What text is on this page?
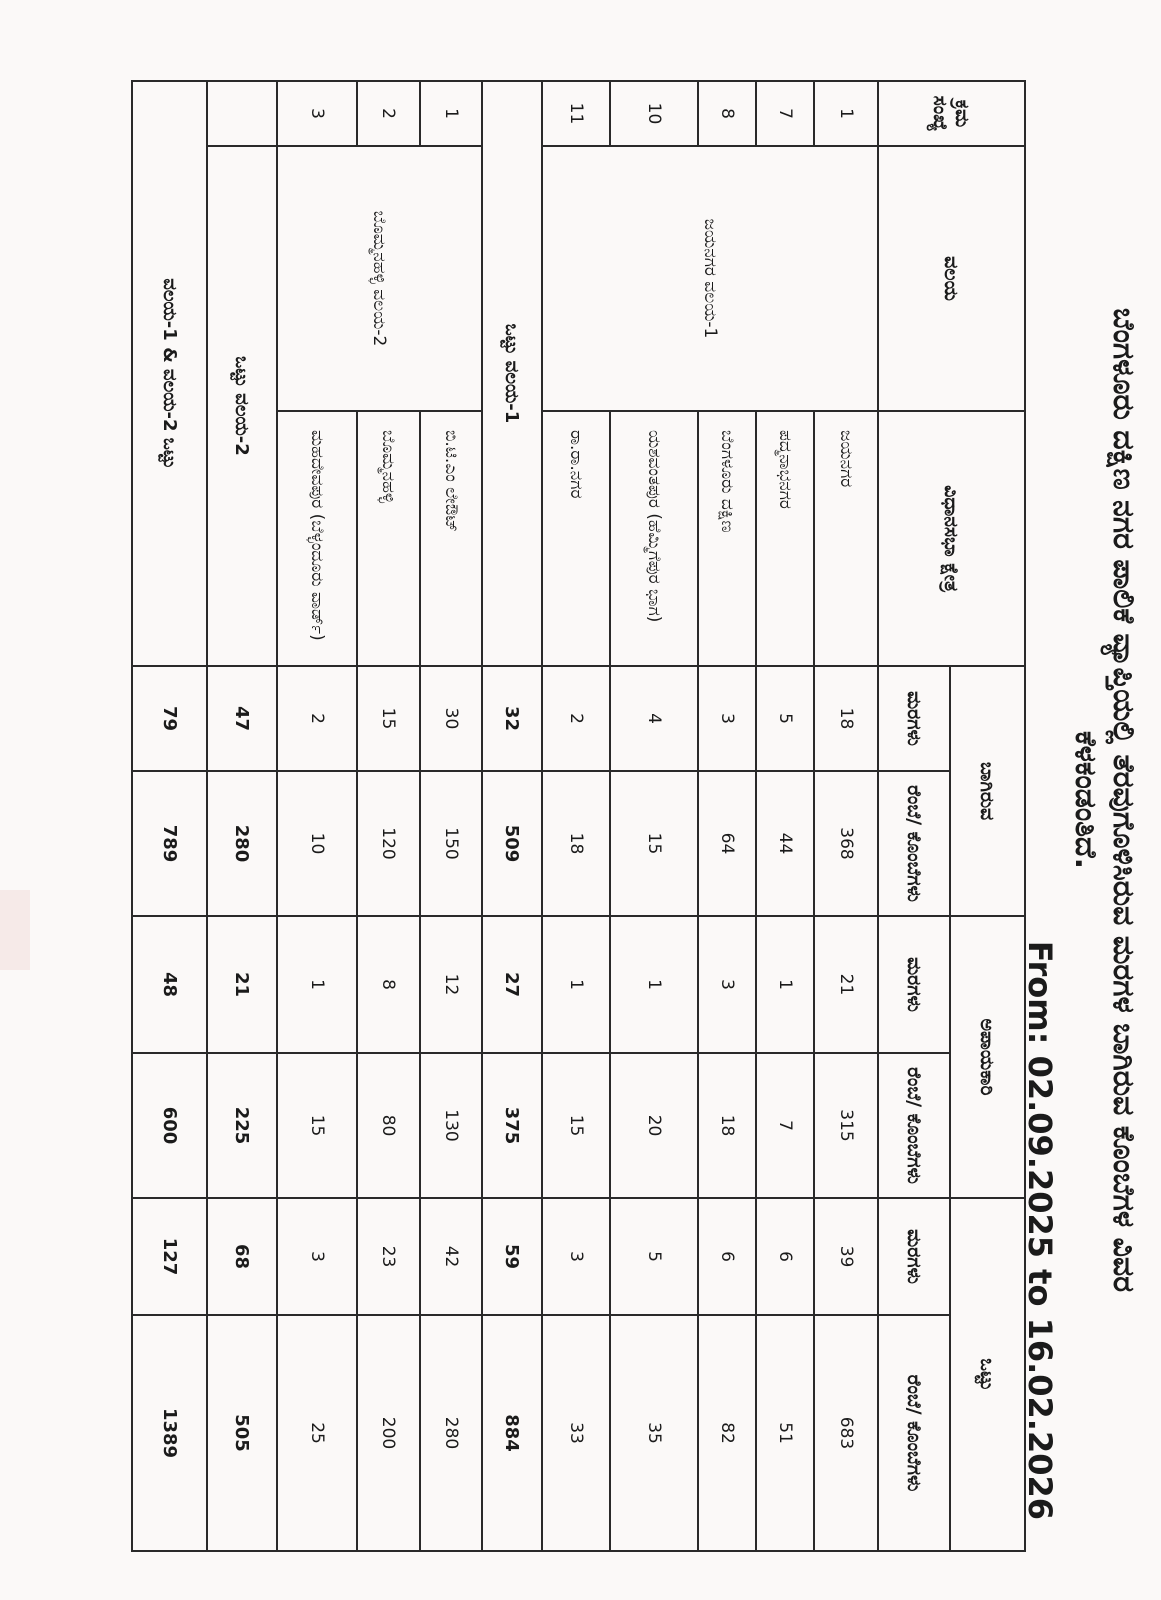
ಬೆಂಗಳೂರು ದಕ್ಷಿಣ ನಗರ ಪಾಲಿಕೆ ವ್ಯಾಪ್ತಿಯಲ್ಲಿ ತೆರವುಗೊಳಿಸಿರುವ ಮರಗಳ ಬಾಗಿರುವ ಕೊಂಬೆಗಳ ವಿವರ
ಕೆಳಕಂಡಂತಿದೆ.
From: 02.09.2025 to 16.02.2026
ಕ್ರಮ ಸಂಖ್ಯೆ	ವಲಯ	ವಿಧಾನಸಭಾ ಕ್ಷೇತ್ರ	ಬಾಗಿರುವ		ಅಪಾಯಕಾರಿ		ಒಟ್ಟು	
			ಮರಗಳು	ರೆಂಬೆ/ ಕೊಂಬೆಗಳು	ಮರಗಳು	ರೆಂಬೆ/ ಕೊಂಬೆಗಳು	ಮರಗಳು	ರೆಂಬೆ/ ಕೊಂಬೆಗಳು
1	ಜಯನಗರ ವಲಯ-1	ಜಯನಗರ	18	368	21	315	39	683
7		ಪದ್ಮನಾಭನಗರ	5	44	1	7	6	51
8		ಬೆಂಗಳೂರು ದಕ್ಷಿಣ	3	64	3	18	6	82
10		ಯಶವಂತಪುರ (ಹೆಮ್ಮಿಗೆಪುರ ಭಾಗ)	4	15	1	20	5	35
11		ರಾ.ರಾ.ನಗರ	2	18	1	15	3	33
ಒಟ್ಟು ವಲಯ-1			32	509	27	375	59	884
1	ಬೊಮ್ಮನಹಳ್ಳಿ ವಲಯ-2	ಬಿ.ಟಿ.ಎಂ ಲೇಔಟ್	30	150	12	130	42	280
2		ಬೊಮ್ಮನಹಳ್ಳಿ	15	120	8	80	23	200
3		ಮಹದೇವಪುರ (ಬೆಳ್ಳಂದೂರು ವಾರ್ಡ್)	2	10	1	15	3	25
	ಒಟ್ಟು ವಲಯ-2		47	280	21	225	68	505
ವಲಯ-1 & ವಲಯ-2 ಒಟ್ಟು			79	789	48	600	127	1389
